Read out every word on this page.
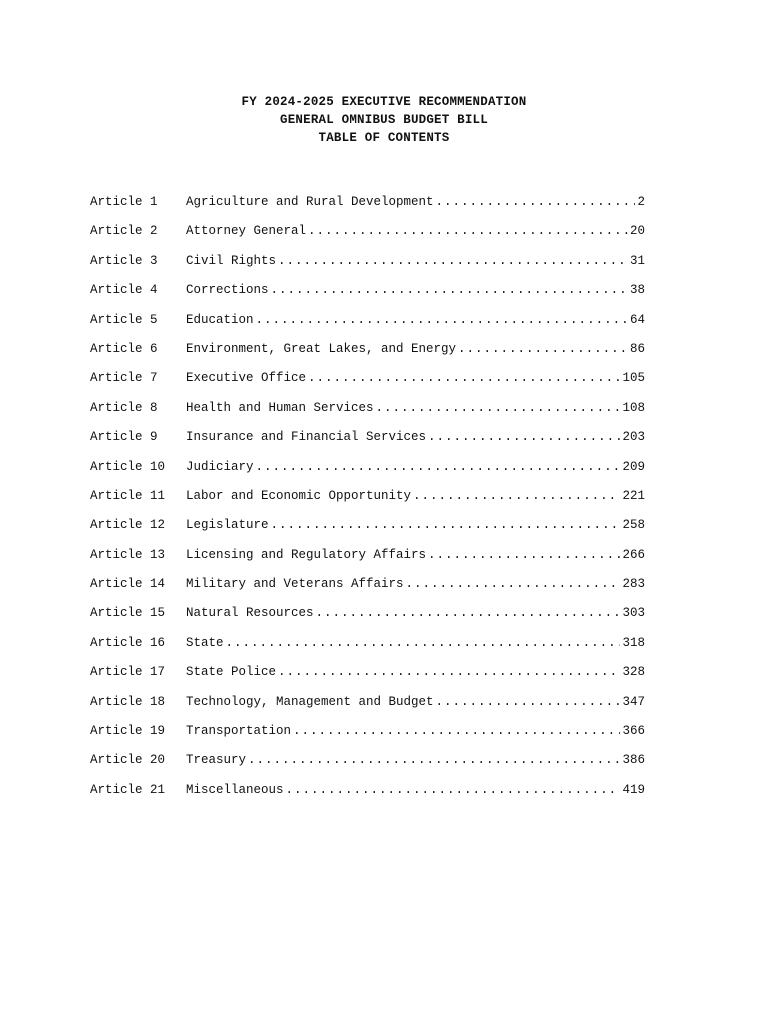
FY 2024-2025 EXECUTIVE RECOMMENDATION
GENERAL OMNIBUS BUDGET BILL
TABLE OF CONTENTS
Article 1	Agriculture and Rural Development .....	2
Article 2	Attorney General .....	20
Article 3	Civil Rights .....	31
Article 4	Corrections .....	38
Article 5	Education .....	64
Article 6	Environment, Great Lakes, and Energy .....	86
Article 7	Executive Office .....	105
Article 8	Health and Human Services .....	108
Article 9	Insurance and Financial Services .....	203
Article 10	Judiciary .....	209
Article 11	Labor and Economic Opportunity .....	221
Article 12	Legislature .....	258
Article 13	Licensing and Regulatory Affairs .....	266
Article 14	Military and Veterans Affairs .....	283
Article 15	Natural Resources .....	303
Article 16	State .....	318
Article 17	State Police .....	328
Article 18	Technology, Management and Budget .....	347
Article 19	Transportation .....	366
Article 20	Treasury .....	386
Article 21	Miscellaneous .....	419
